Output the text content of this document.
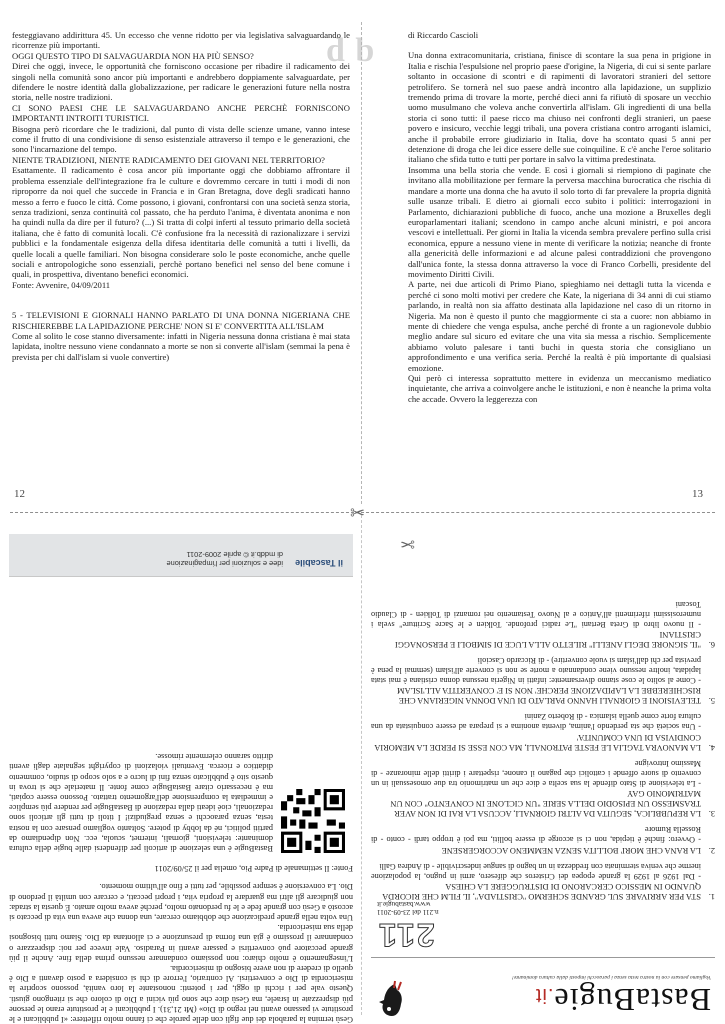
d b

festeggiavano addirittura 45. Un eccesso che venne ridotto per via legislativa salvaguardando le ricorrenze più importanti.

OGGI QUESTO TIPO DI SALVAGUARDIA NON HA PIÙ SENSO?

Direi che oggi, invece, le opportunità che forniscono occasione per ribadire il radicamento dei singoli nella comunità sono ancor più importanti e andrebbero doppiamente salvaguardate, per difendere le nostre identità dalla globalizzazione, per radicare le generazioni future nella nostra storia, nelle nostre tradizioni.

CI SONO PAESI CHE LE SALVAGUARDANO ANCHE PERCHÈ FORNISCONO IMPORTANTI INTROITI TURISTICI.

Bisogna però ricordare che le tradizioni, dal punto di vista delle scienze umane, vanno intese come il frutto di una condivisione di senso esistenziale attraverso il tempo e le generazioni, che sono l'incarnazione del tempo.

NIENTE TRADIZIONI, NIENTE RADICAMENTO DEI GIOVANI NEL TERRITORIO?

Esattamente. Il radicamento è cosa ancor più importante oggi che dobbiamo affrontare il problema essenziale dell'integrazione fra le culture e dovremmo cercare in tutti i modi di non riproporre da noi quel che succede in Francia e in Gran Bretagna, dove degli sradicati hanno messo a ferro e fuoco le città. Come possono, i giovani, confrontarsi con una società senza storia, senza tradizioni, senza continuità col passato, che ha perduto l'anima, è diventata anonima e non ha quindi nulla da dire per il futuro? (...) Si tratta di colpi inferti al tessuto primario della società italiana, che è fatto di comunità locali. C'è confusione fra la necessità di razionalizzare i servizi pubblici e la fondamentale esigenza della difesa identitaria delle comunità a tutti i livelli, da quelle locali a quelle familiari. Non bisogna considerare solo le poste economiche, anche quelle sociali e antropologiche sono essenziali, perchè portano benefici nel senso del bene comune i quali, in prospettiva, diventano benefici economici.

Fonte: Avvenire, 04/09/2011

5 - TELEVISIONI E GIORNALI HANNO PARLATO DI UNA DONNA NIGERIANA CHE RISCHIEREBBE LA LAPIDAZIONE PERCHE' NON SI E' CONVERTITA ALL'ISLAM

Come al solito le cose stanno diversamente: infatti in Nigeria nessuna donna cristiana è mai stata lapidata, inoltre nessuno viene condannato a morte se non si converte all'islam (semmai la pena è prevista per chi dall'islam si vuole convertire)

di Riccardo Cascioli

Una donna extracomunitaria, cristiana, finisce di scontare la sua pena in prigione in Italia e rischia l'espulsione nel proprio paese d'origine, la Nigeria, di cui si sente parlare soltanto in occasione di scontri e di rapimenti di lavoratori stranieri del settore petrolifero. Se tornerà nel suo paese andrà incontro alla lapidazione, un supplizio tremendo prima di trovare la morte, perché dieci anni fa rifiutò di sposare un vecchio uomo musulmano che voleva anche convertirla all'islam. Gli ingredienti di una bella storia ci sono tutti: il paese ricco ma chiuso nei confronti degli stranieri, un paese povero e insicuro, vecchie leggi tribali, una povera cristiana contro arroganti islamici, anche il probabile errore giudiziario in Italia, dove ha scontato quasi 5 anni per detenzione di droga che lei dice essere delle sue coinquiline. E c'è anche l'eroe solitario italiano che sfida tutto e tutti per portare in salvo la vittima predestinata.

Insomma una bella storia che vende. E così i giornali si riempiono di paginate che invitano alla mobilitazione per fermare la perversa macchina burocratica che rischia di mandare a morte una donna che ha avuto il solo torto di far prevalere la propria dignità sulle usanze tribali. E dietro ai giornali ecco subito i politici: interrogazioni in Parlamento, dichiarazioni pubbliche di fuoco, anche una mozione a Bruxelles degli europarlamentari italiani; scendono in campo anche alcuni ministri, e poi ancora vescovi e intellettuali. Per giorni in Italia la vicenda sembra prevalere perfino sulla crisi economica, eppure a nessuno viene in mente di verificare la notizia; neanche di fronte alla genericità delle informazioni e ad alcune palesi contraddizioni che provengono dall'unica fonte, la stessa donna attraverso la voce di Franco Corbelli, presidente del movimento Diritti Civili.

A parte, nei due articoli di Primo Piano, spieghiamo nei dettagli tutta la vicenda e perché ci sono molti motivi per credere che Kate, la nigeriana di 34 anni di cui stiamo parlando, in realtà non sia affatto destinata alla lapidazione nel caso di un ritorno in Nigeria. Ma non è questo il punto che maggiormente ci sta a cuore: non abbiamo in mente di chiedere che venga espulsa, anche perché di fronte a un ragionevole dubbio meglio andare sul sicuro ed evitare che una vita sia messa a rischio. Semplicemente abbiamo voluto palesare i tanti buchi in questa storia che consigliano un approfondimento e una verifica seria. Perché la realtà è più importante di qualsiasi emozione.

Qui però ci interessa soprattutto mettere in evidenza un meccanismo mediatico inquietante, che arriva a coinvolgere anche le istituzioni, e non è neanche la prima volta che accade. Ovvero la leggerezza con

12	13
✂
BastaBugie.it
Vogliamo pensare con la nostra testa senza i paraocchi imposti dalla cultura dominante!
211
n.211 del 23-09-2011
www.bastabugie.it
1.
STA PER ARRIVARE SUL GRANDE SCHERMO "CRISTIADA", IL FILM CHE RICORDA QUANDO IN MESSICO CERCARONO DI DISTRUGGERE LA CHIESA
- Dal 1926 al 1929 la grande epopea dei Cristeros che difesero, armi in pugno, la popolazione inerme che veniva sterminata con freddezza in un bagno di sangue indescrivibile - di Andrea Galli
2.
LA RANA CHE MORI' BOLLITA SENZA NEMMENO ACCORGERSENE
- Ovvero: finché è tiepida, non ci si accorge di essere bolliti, ma poi è troppo tardi - conto - di Rossella Rumore
3.
LA REPUBBLICA, SEGUITA DA ALTRI GIORNALI, ACCUSA LA RAI DI NON AVER TRASMESSO UN EPISODIO DELLA SERIE "UN CICLONE IN CONVENTO" CON UN MATRIMONIO GAY
- La televisione di Stato difende la sua scelta e dice che un matrimonio tra due omosessuali in un convento di suore offende i cattolici che pagano il canone, rispettare i diritti delle minoranze - di Massimo Introvigne
4.
LA MANOVRA TAGLIA LE FESTE PATRONALI, MA CON ESSE SI PERDE LA MEMORIA CONDIVISA DI UNA COMUNITA'
- Una società che sta perdendo l'anima, diventa anonima e si prepara ad essere conquistata da una cultura forte come quella islamica - di Roberto Zanini
5.
TELEVISIONI E GIORNALI HANNO PARLATO DI UNA DONNA NIGERIANA CHE RISCHIEREBBE LA LAPIDAZIONE PERCHE' NON SI E' CONVERTITA ALL'ISLAM
- Come al solito le cose stanno diversamente: infatti in Nigeria nessuna donna cristiana è mai stata lapidata, inoltre nessuno viene condannato a morte se non si converte all'islam (semmai la pena è prevista per chi dall'islam si vuole convertire) - di Riccardo Cascioli
6.
"IL SIGNORE DEGLI ANELLI" RILETTO ALLA LUCE DI SIMBOLI E PERSONAGGI CRISTIANI
- Il nuovo libro di Greta Bertani "Le radici profonde. Tolkien e le Sacre Scritture" svela i numerosissimi riferimenti all'Antico e al Nuovo Testamento nei romanzi di Tolkien - di Claudio Toscani
✂

Gesù termina la parabola dei due figli con delle parole che ci fanno molto riflettere: «I pubblicani e le prostitute vi passano avanti nel regno di Dio» (Mt 21,31). I pubblicani e le prostitute erano le persone più disprezzate in Israele, ma Gesù dice che sono più vicini a Dio di coloro che si ritengono giusti. Questo vale per i ricchi di oggi, per i potenti: nonostante la loro vanità, possono scoprire la misericordia di Dio e convertirsi. Al contrario, l'errore di chi si considera a posto davanti a Dio è quello di credere di non avere bisogno di misericordia.

L'insegnamento è molto chiaro: non possiamo condannare nessuno prima della fine. Anche il più grande peccatore può convertirsi e passare avanti in Paradiso. Vale invece per noi: disprezzare o condannare il prossimo è già una forma di presunzione e ci allontana da Dio. Siamo tutti bisognosi della sua misericordia.

Una volta nella grande predicazione che dobbiamo cercare, una donna che aveva una vita di peccato si accostò a Gesù con grande fede e le fu perdonato molto, perché aveva molto amato. È questa la strada: non giudicare gli altri ma guardare la propria vita, i propri peccati, e cercare con umiltà il perdono di Dio. La conversione è sempre possibile, per tutti e fino all'ultimo momento.

Fonte: Il settimanale di Padre Pio, omelia per il 25/09/2011

BastaBugie è una selezione di articoli per difendersi dalle bugie della cultura dominante: televisioni, giornali, internet, scuola, ecc. Non dipendiamo da partiti politici, né da lobby di potere. Soltanto vogliamo pensare con la nostra testa, senza paraocchi e senza pregiudizi! I titoli di tutti gli articoli sono redazionali, cioè ideati dalla redazione di BastaBugie per rendere più semplice e immediata la comprensione dell'argomento trattato. Possono essere copiati, ma è necessario citare BastaBugie come fonte. Il materiale che si trova in questo sito è pubblicato senza fini di lucro e a solo scopo di studio, commento didattico e ricerca. Eventuali violazioni di copyright segnalate dagli aventi diritto saranno celermente rimosse.

il Tascabile
idee e soluzioni per l'impaginazione
di mddb.it © aprile 2009-2011
